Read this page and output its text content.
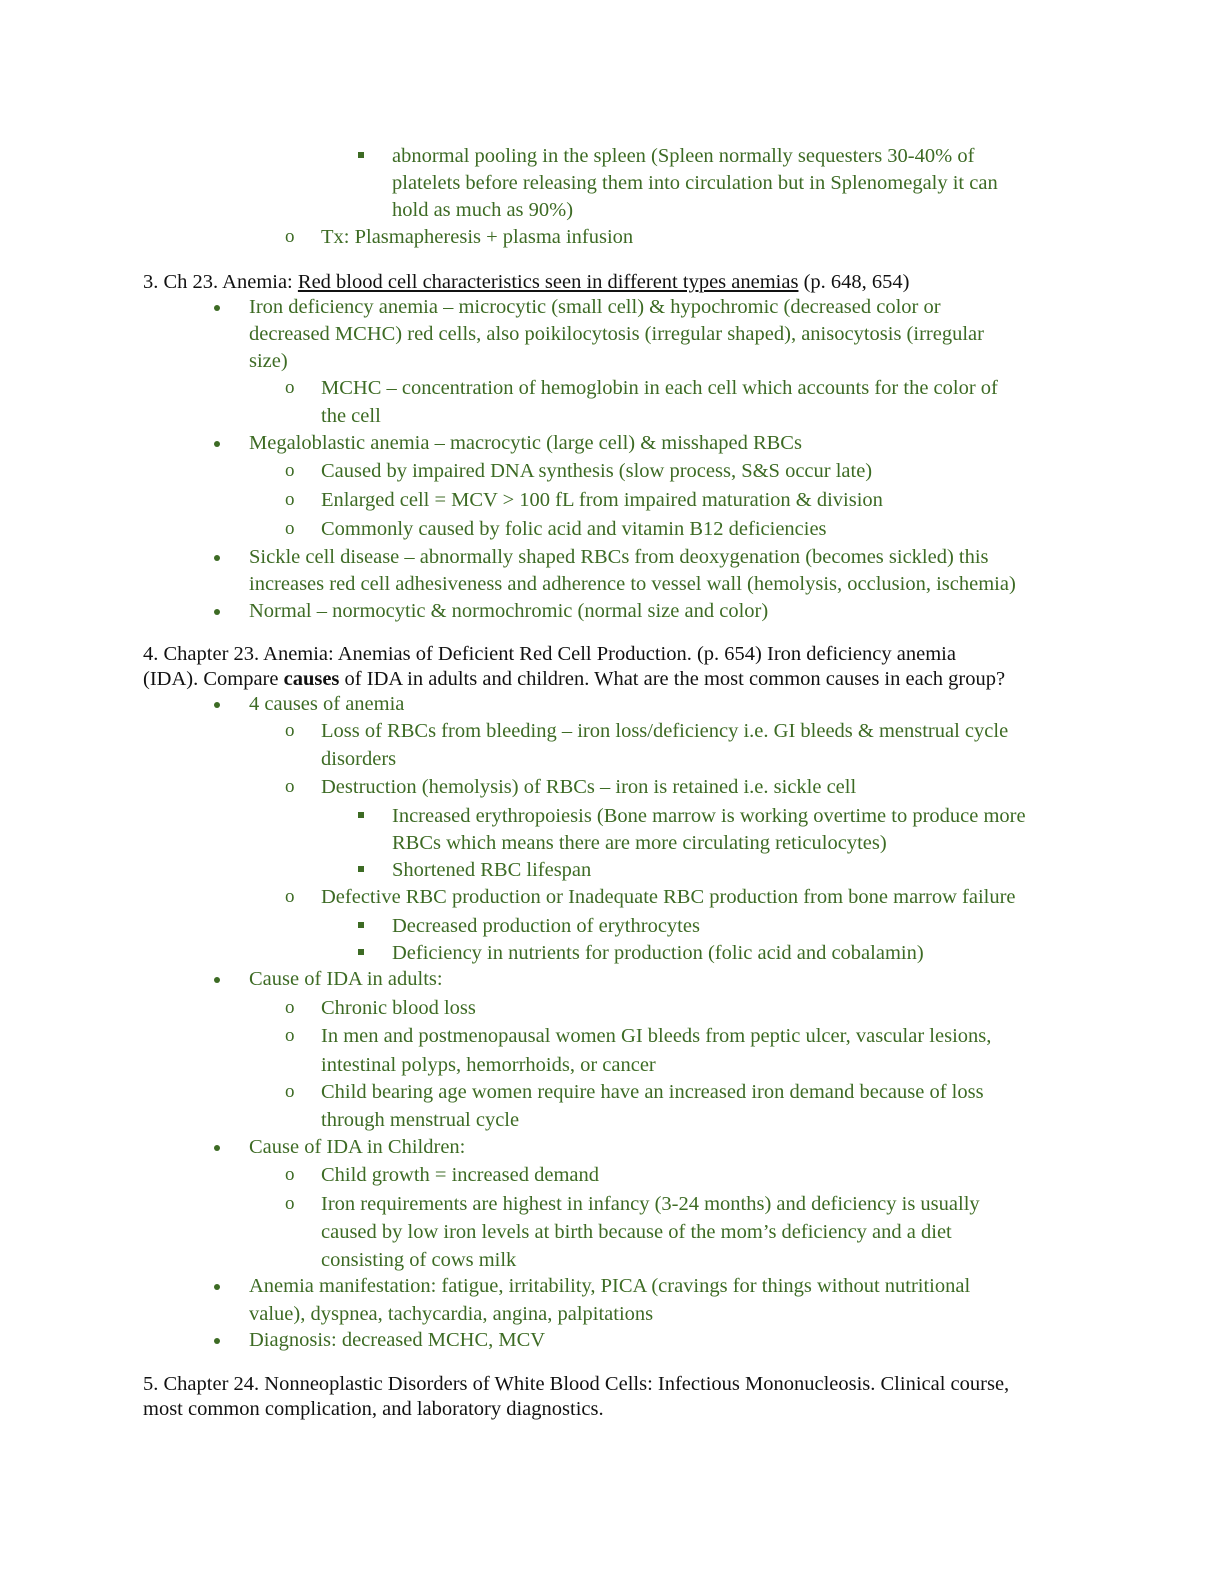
abnormal pooling in the spleen (Spleen normally sequesters 30-40% of
platelets before releasing them into circulation but in Splenomegaly it can
hold as much as 90%)
o Tx: Plasmapheresis + plasma infusion
3. Ch 23. Anemia: Red blood cell characteristics seen in different types anemias (p. 648, 654)
Iron deficiency anemia – microcytic (small cell) & hypochromic (decreased color or
decreased MCHC) red cells, also poikilocytosis (irregular shaped), anisocytosis (irregular
size)
o MCHC – concentration of hemoglobin in each cell which accounts for the color of
the cell
Megaloblastic anemia – macrocytic (large cell) & misshaped RBCs
o Caused by impaired DNA synthesis (slow process, S&S occur late)
o Enlarged cell = MCV > 100 fL from impaired maturation & division
o Commonly caused by folic acid and vitamin B12 deficiencies
Sickle cell disease – abnormally shaped RBCs from deoxygenation (becomes sickled) this
increases red cell adhesiveness and adherence to vessel wall (hemolysis, occlusion, ischemia)
Normal – normocytic & normochromic (normal size and color)
4. Chapter 23. Anemia: Anemias of Deficient Red Cell Production. (p. 654) Iron deficiency anemia
(IDA). Compare causes of IDA in adults and children. What are the most common causes in each group?
4 causes of anemia
o Loss of RBCs from bleeding – iron loss/deficiency i.e. GI bleeds & menstrual cycle
disorders
o Destruction (hemolysis) of RBCs – iron is retained i.e. sickle cell
Increased erythropoiesis (Bone marrow is working overtime to produce more
RBCs which means there are more circulating reticulocytes)
Shortened RBC lifespan
o Defective RBC production or Inadequate RBC production from bone marrow failure
Decreased production of erythrocytes
Deficiency in nutrients for production (folic acid and cobalamin)
Cause of IDA in adults:
o Chronic blood loss
o In men and postmenopausal women GI bleeds from peptic ulcer, vascular lesions,
intestinal polyps, hemorrhoids, or cancer
o Child bearing age women require have an increased iron demand because of loss
through menstrual cycle
Cause of IDA in Children:
o Child growth = increased demand
o Iron requirements are highest in infancy (3-24 months) and deficiency is usually
caused by low iron levels at birth because of the mom’s deficiency and a diet
consisting of cows milk
Anemia manifestation: fatigue, irritability, PICA (cravings for things without nutritional
value), dyspnea, tachycardia, angina, palpitations
Diagnosis: decreased MCHC, MCV
5. Chapter 24. Nonneoplastic Disorders of White Blood Cells: Infectious Mononucleosis. Clinical course,
most common complication, and laboratory diagnostics.
